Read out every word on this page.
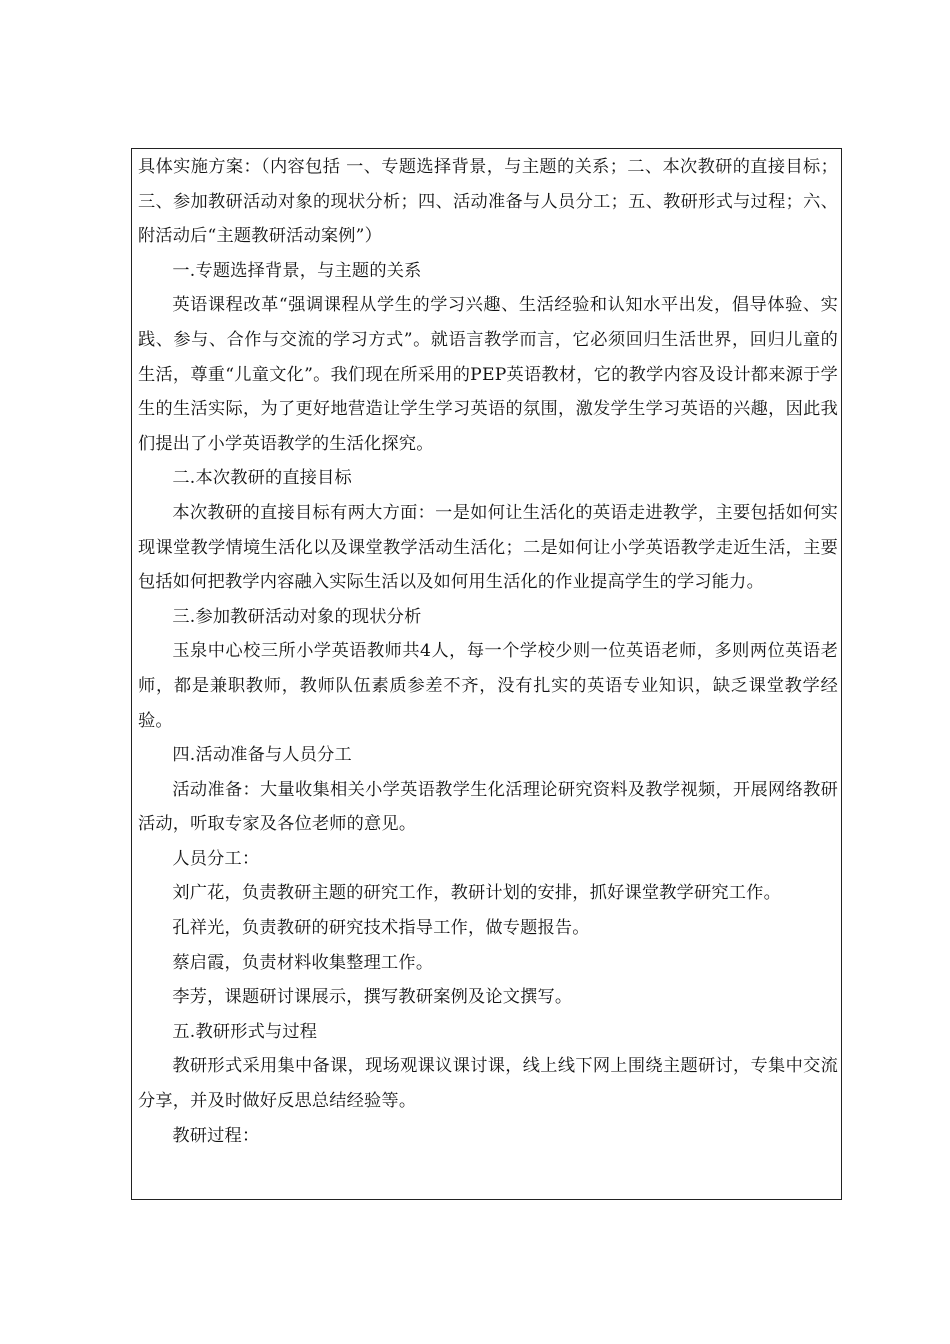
具体实施方案：（内容包括 一、专题选择背景，与主题的关系；二、本次教研的直接目标；三、参加教研活动对象的现状分析；四、活动准备与人员分工；五、教研形式与过程；六、附活动后“主题教研活动案例”）

一.专题选择背景，与主题的关系

英语课程改革“强调课程从学生的学习兴趣、生活经验和认知水平出发，倡导体验、实践、参与、合作与交流的学习方式”。就语言教学而言，它必须回归生活世界，回归儿童的生活，尊重“儿童文化”。我们现在所采用的PEP英语教材，它的教学内容及设计都来源于学生的生活实际，为了更好地营造让学生学习英语的氛围，激发学生学习英语的兴趣，因此我们提出了小学英语教学的生活化探究。

二.本次教研的直接目标

本次教研的直接目标有两大方面：一是如何让生活化的英语走进教学，主要包括如何实现课堂教学情境生活化以及课堂教学活动生活化；二是如何让小学英语教学走近生活，主要包括如何把教学内容融入实际生活以及如何用生活化的作业提高学生的学习能力。

三.参加教研活动对象的现状分析

玉泉中心校三所小学英语教师共4人，每一个学校少则一位英语老师，多则两位英语老师，都是兼职教师，教师队伍素质参差不齐，没有扎实的英语专业知识，缺乏课堂教学经验。

四.活动准备与人员分工

活动准备：大量收集相关小学英语教学生化活理论研究资料及教学视频，开展网络教研活动，听取专家及各位老师的意见。

人员分工：

刘广花，负责教研主题的研究工作，教研计划的安排，抓好课堂教学研究工作。

孔祥光，负责教研的研究技术指导工作，做专题报告。

蔡启霞，负责材料收集整理工作。

李芳，课题研讨课展示，撰写教研案例及论文撰写。

五.教研形式与过程

教研形式采用集中备课，现场观课议课讨课，线上线下网上围绕主题研讨，专集中交流分享，并及时做好反思总结经验等。

教研过程：
